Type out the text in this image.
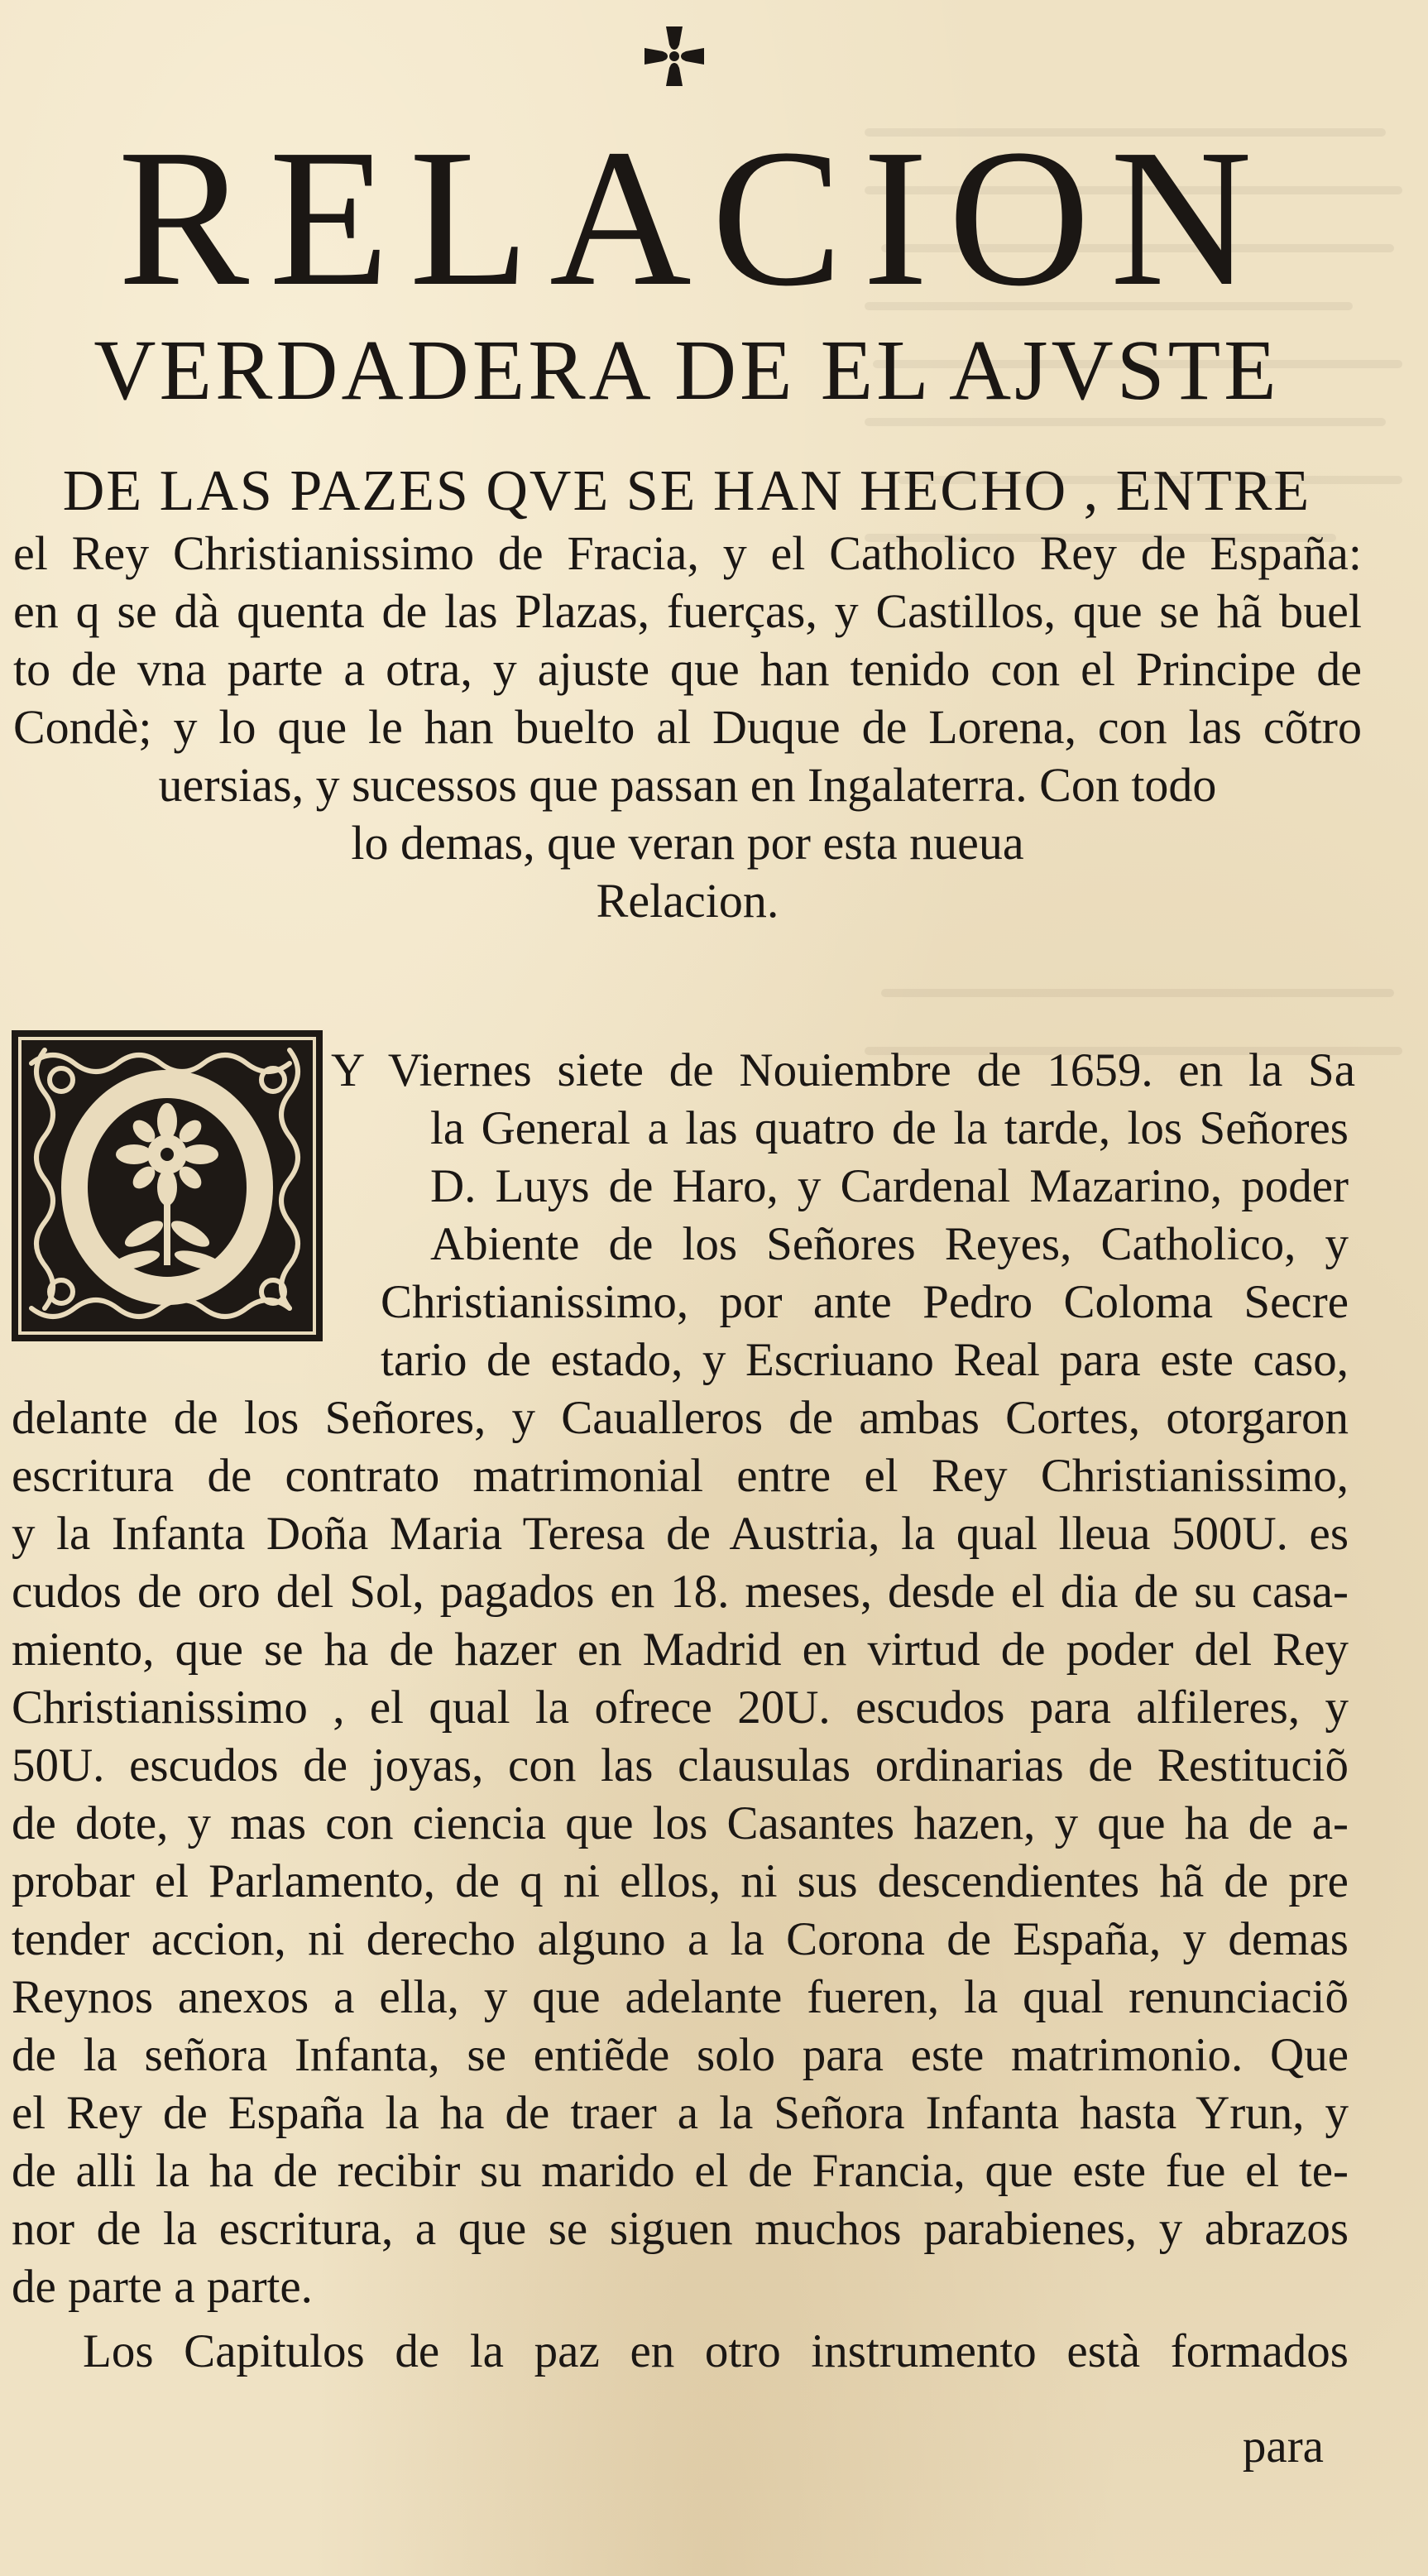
RELACION
VERDADERA DE EL AJVSTE
DE LAS PAZES QVE SE HAN HECHO , ENTRE
el Rey Christianissimo de Fracia, y el Catholico Rey de España:
en q se dà quenta de las Plazas, fuerças, y Castillos, que se hã buel
to de vna parte a otra, y ajuste que han tenido con el Principe de
Condè; y lo que le han buelto al Duque de Lorena, con las cõtro
uersias, y sucessos que passan en Ingalaterra. Con todo
lo demas, que veran por esta nueua
Relacion.
Y Viernes siete de Nouiembre de 1659. en la Sa
la General a las quatro de la tarde, los Señores
D. Luys de Haro, y Cardenal Mazarino, poder
Abiente de los Señores Reyes, Catholico, y
Christianissimo, por ante Pedro Coloma Secre
tario de estado, y Escriuano Real para este caso,
delante de los Señores, y Caualleros de ambas Cortes, otorgaron
escritura de contrato matrimonial entre el Rey Christianissimo,
y la Infanta Doña Maria Teresa de Austria, la qual lleua 500U. es
cudos de oro del Sol, pagados en 18. meses, desde el dia de su casa-
miento, que se ha de hazer en Madrid en virtud de poder del Rey
Christianissimo , el qual la ofrece 20U. escudos para alfileres, y
50U. escudos de joyas, con las clausulas ordinarias de Restituciõ
de dote, y mas con ciencia que los Casantes hazen, y que ha de a-
probar el Parlamento, de q ni ellos, ni sus descendientes hã de pre
tender accion, ni derecho alguno a la Corona de España, y demas
Reynos anexos a ella, y que adelante fueren, la qual renunciaciõ
de la señora Infanta, se entiẽde solo para este matrimonio. Que
el Rey de España la ha de traer a la Señora Infanta hasta Yrun, y
de alli la ha de recibir su marido el de Francia, que este fue el te-
nor de la escritura, a que se siguen muchos parabienes, y abrazos
de parte a parte.
Los Capitulos de la paz en otro instrumento està formados
para
